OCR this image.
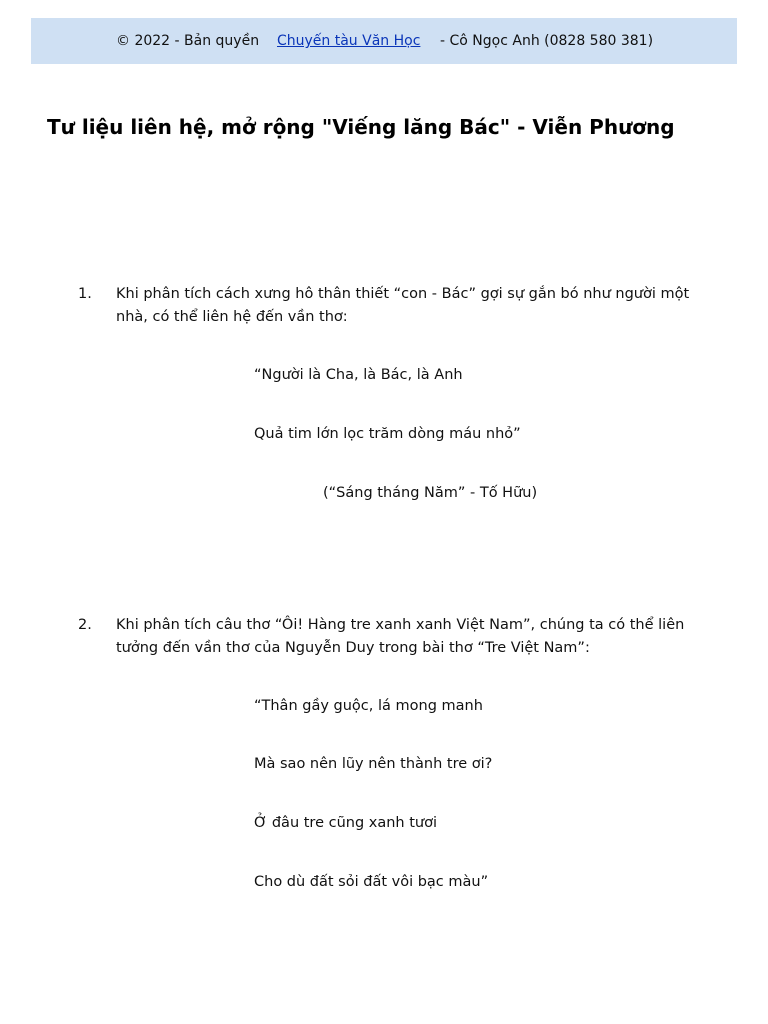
© 2022 - Bản quyền Chuyến tàu Văn Học - Cô Ngọc Anh (0828 580 381)
Tư liệu liên hệ, mở rộng "Viếng lăng Bác" - Viễn Phương
1. Khi phân tích cách xưng hô thân thiết “con - Bác” gợi sự gắn bó như người một nhà, có thể liên hệ đến vần thơ:
“Người là Cha, là Bác, là Anh
Quả tim lớn lọc trăm dòng máu nhỏ”
(“Sáng tháng Năm” - Tố Hữu)
2. Khi phân tích câu thơ “Ôi! Hàng tre xanh xanh Việt Nam”, chúng ta có thể liên tưởng đến vần thơ của Nguyễn Duy trong bài thơ “Tre Việt Nam”:
“Thân gầy guộc, lá mong manh
Mà sao nên lũy nên thành tre ơi?
Ở đâu tre cũng xanh tươi
Cho dù đất sỏi đất vôi bạc màu”
